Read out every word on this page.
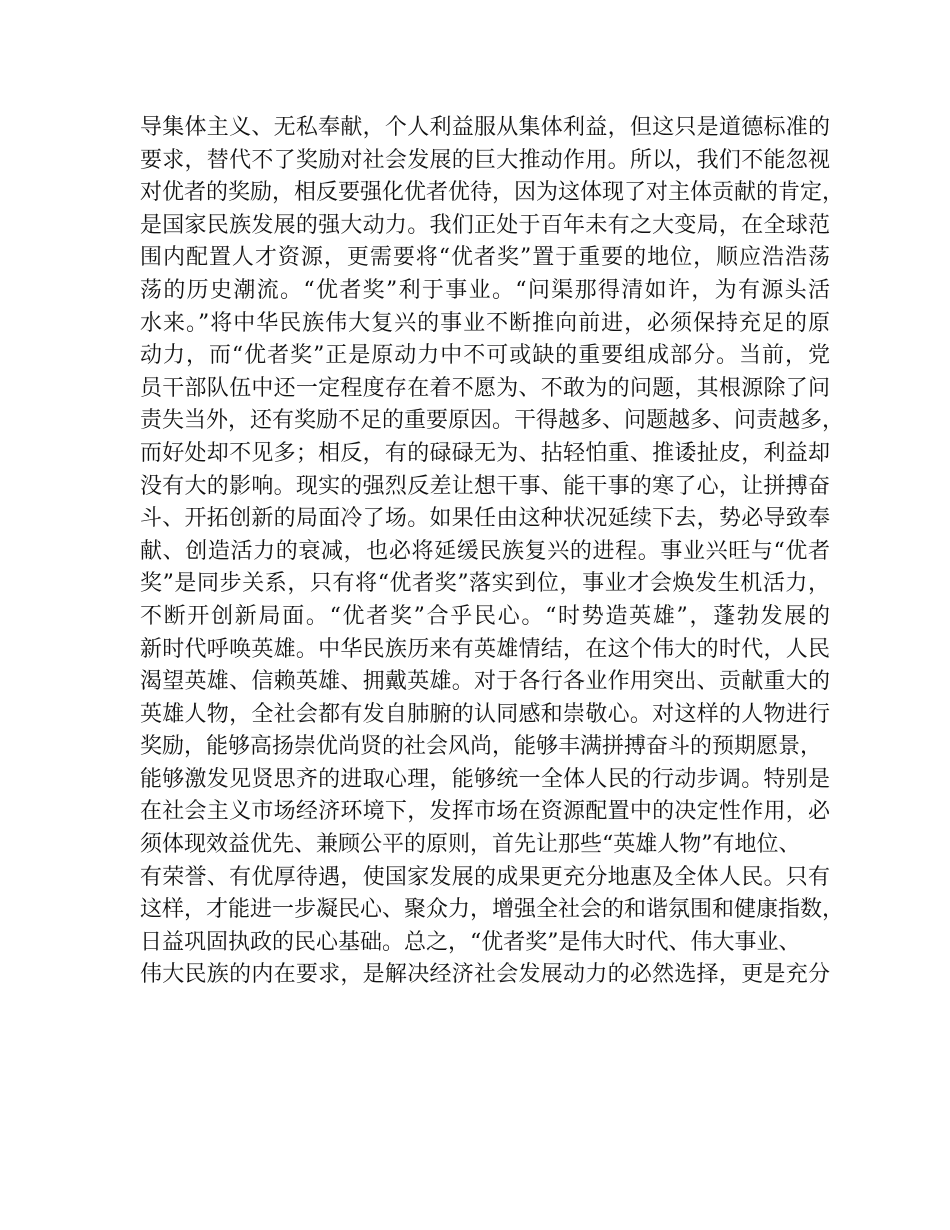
导集体主义、无私奉献，个人利益服从集体利益，但这只是道德标准的
要求，替代不了奖励对社会发展的巨大推动作用。所以，我们不能忽视
对优者的奖励，相反要强化优者优待，因为这体现了对主体贡献的肯定，
是国家民族发展的强大动力。我们正处于百年未有之大变局，在全球范
围内配置人才资源，更需要将“优者奖”置于重要的地位，顺应浩浩荡
荡的历史潮流。“优者奖”利于事业。“问渠那得清如许，为有源头活
水来。”将中华民族伟大复兴的事业不断推向前进，必须保持充足的原
动力，而“优者奖”正是原动力中不可或缺的重要组成部分。当前，党
员干部队伍中还一定程度存在着不愿为、不敢为的问题，其根源除了问
责失当外，还有奖励不足的重要原因。干得越多、问题越多、问责越多，
而好处却不见多；相反，有的碌碌无为、拈轻怕重、推诿扯皮，利益却
没有大的影响。现实的强烈反差让想干事、能干事的寒了心，让拼搏奋
斗、开拓创新的局面冷了场。如果任由这种状况延续下去，势必导致奉
献、创造活力的衰减，也必将延缓民族复兴的进程。事业兴旺与“优者
奖”是同步关系，只有将“优者奖”落实到位，事业才会焕发生机活力，
不断开创新局面。“优者奖”合乎民心。“时势造英雄”，蓬勃发展的
新时代呼唤英雄。中华民族历来有英雄情结，在这个伟大的时代，人民
渴望英雄、信赖英雄、拥戴英雄。对于各行各业作用突出、贡献重大的
英雄人物，全社会都有发自肺腑的认同感和崇敬心。对这样的人物进行
奖励，能够高扬崇优尚贤的社会风尚，能够丰满拼搏奋斗的预期愿景，
能够激发见贤思齐的进取心理，能够统一全体人民的行动步调。特别是
在社会主义市场经济环境下，发挥市场在资源配置中的决定性作用，必
须体现效益优先、兼顾公平的原则，首先让那些“英雄人物”有地位、
有荣誉、有优厚待遇，使国家发展的成果更充分地惠及全体人民。只有
这样，才能进一步凝民心、聚众力，增强全社会的和谐氛围和健康指数，
日益巩固执政的民心基础。总之，“优者奖”是伟大时代、伟大事业、
伟大民族的内在要求，是解决经济社会发展动力的必然选择，更是充分
